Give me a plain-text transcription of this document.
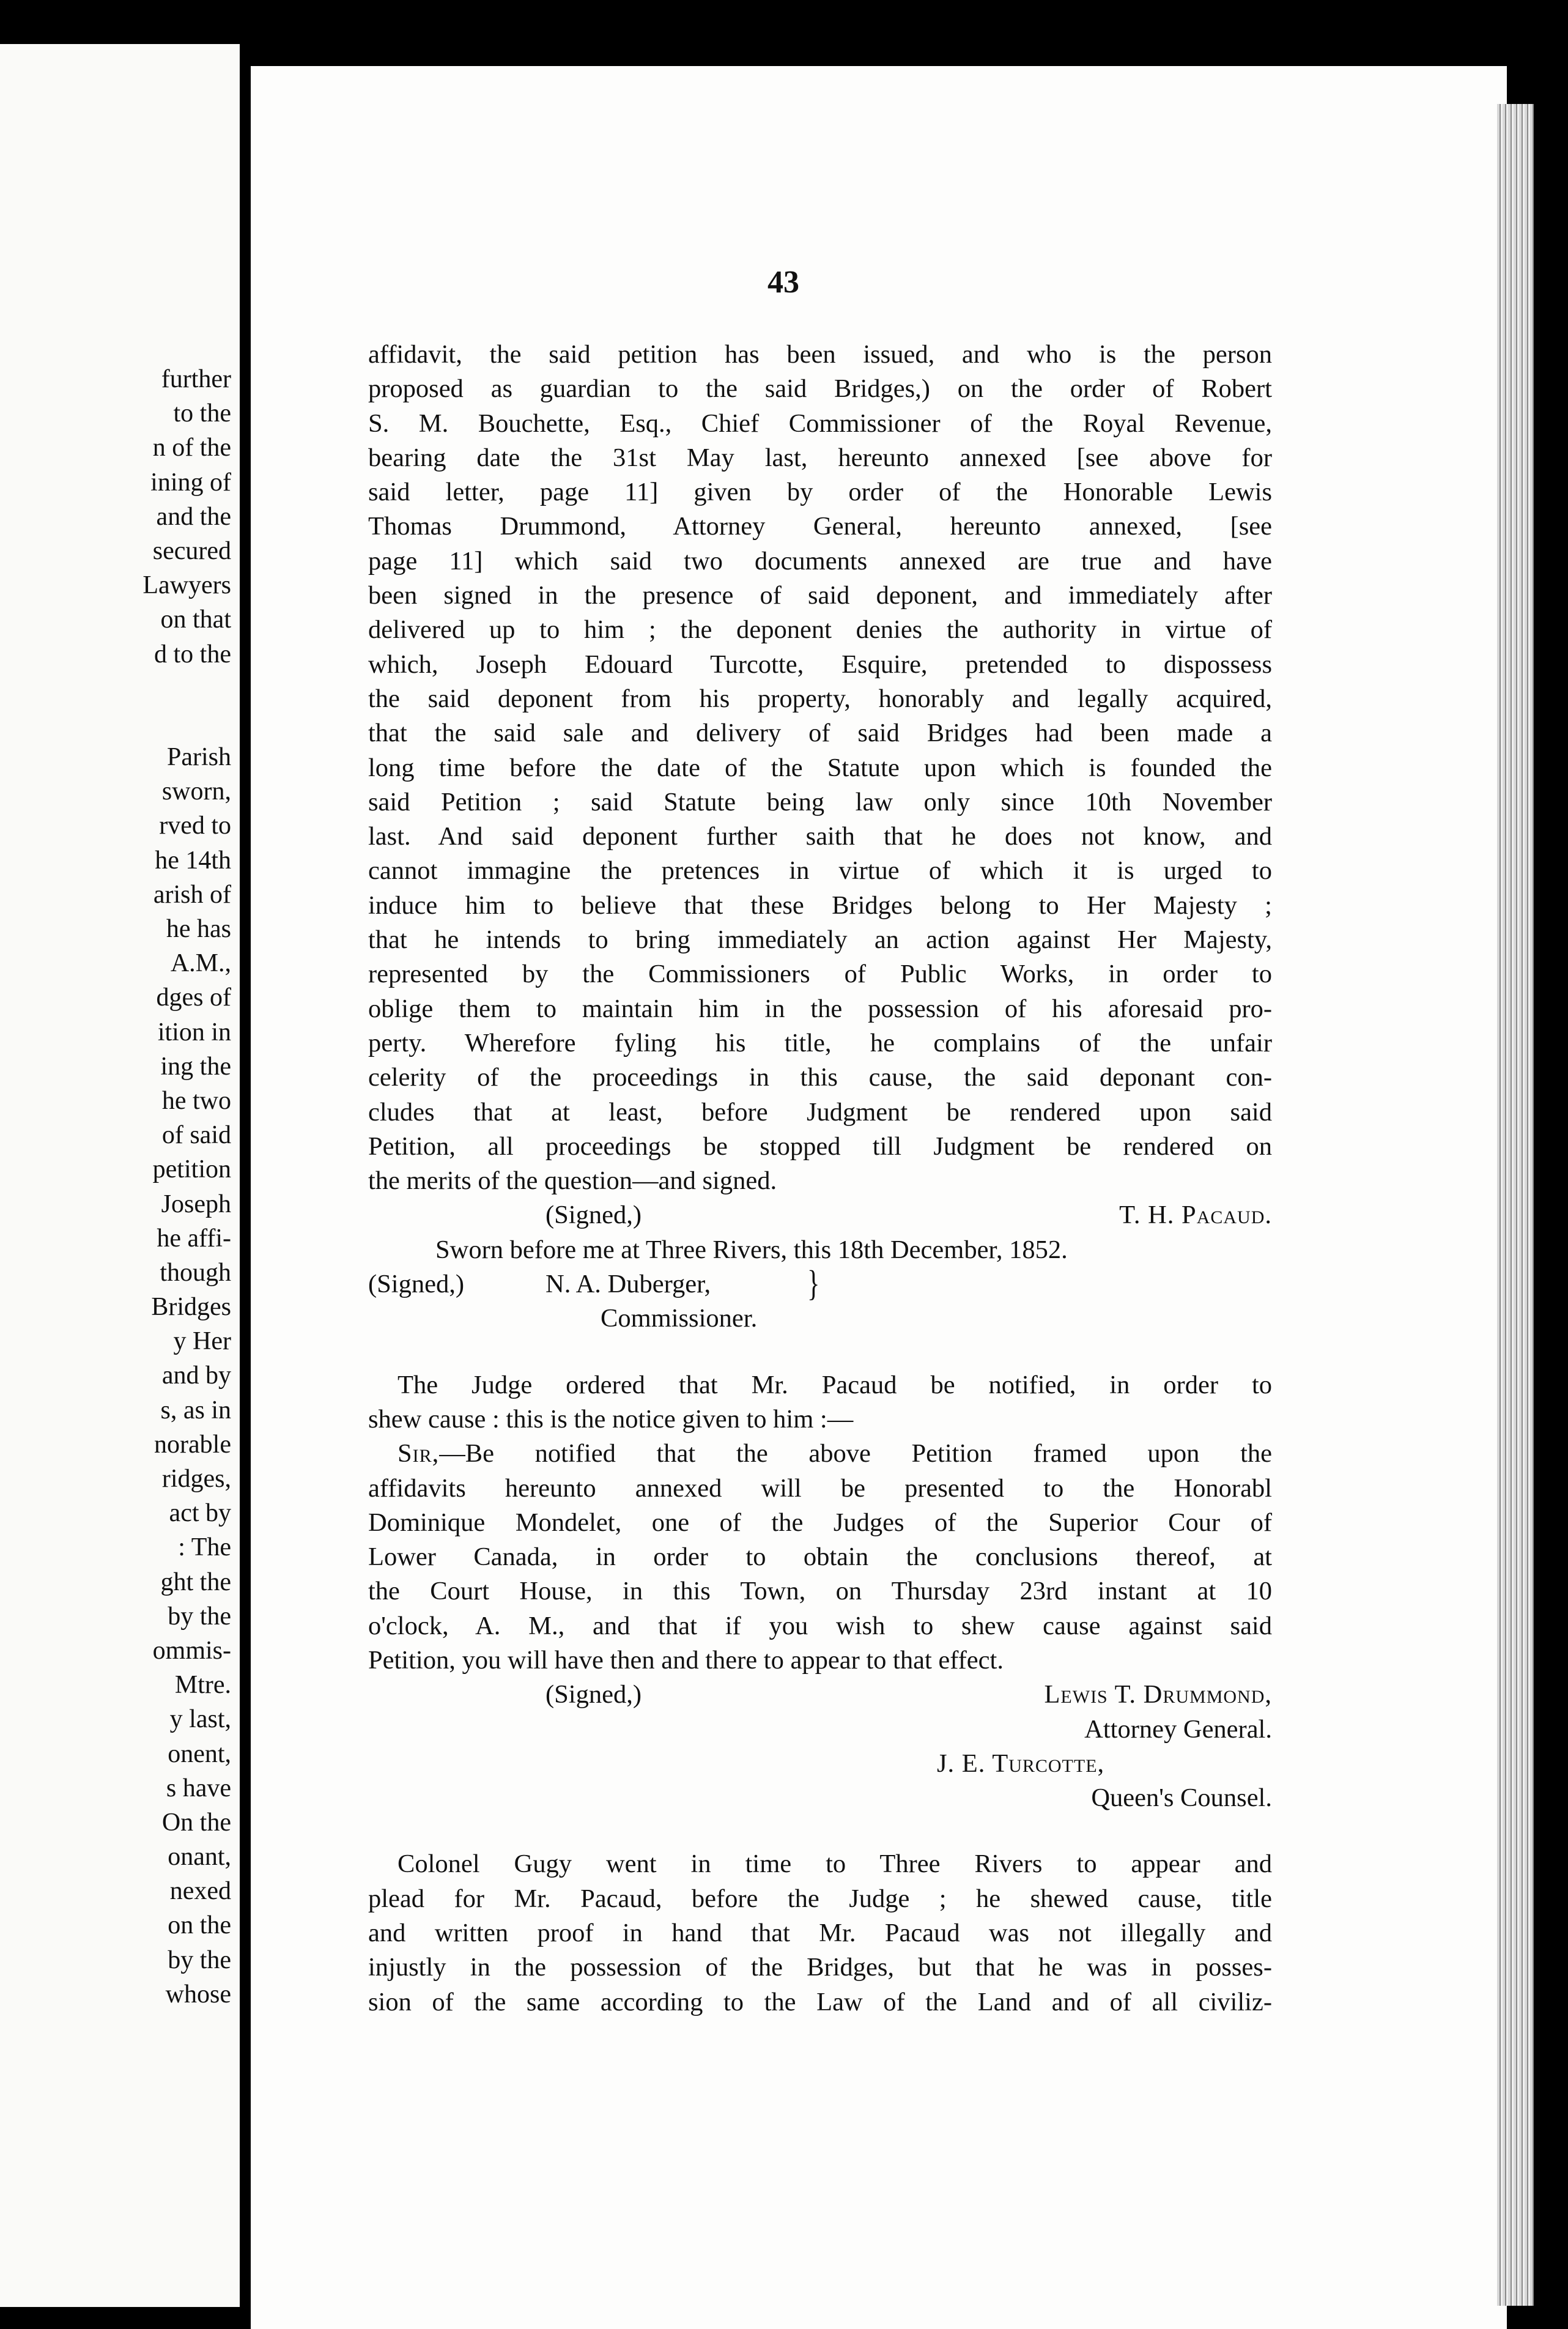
further
to the
n of the
ining of
and the
secured
Lawyers
on that
d to the
Parish
sworn,
rved to
he 14th
arish of
he has
A.M.,
dges of
ition in
ing the
he two
of said
petition
Joseph
he affi-
though
Bridges
y Her
and by
s, as in
norable
ridges,
act by
: The
ght the
by the
ommis-
Mtre.
y last,
onent,
s have
On the
onant,
nexed
on the
by the
whose
43
affidavit, the said petition has been issued, and who is the person
proposed as guardian to the said Bridges,) on the order of Robert
S. M. Bouchette, Esq., Chief Commissioner of the Royal Revenue,
bearing date the 31st May last, hereunto annexed [see above for
said letter, page 11] given by order of the Honorable Lewis
Thomas Drummond, Attorney General, hereunto annexed, [see
page 11] which said two documents annexed are true and have
been signed in the presence of said deponent, and immediately after
delivered up to him ; the deponent denies the authority in virtue of
which, Joseph Edouard Turcotte, Esquire, pretended to dispossess
the said deponent from his property, honorably and legally acquired,
that the said sale and delivery of said Bridges had been made a
long time before the date of the Statute upon which is founded the
said Petition ; said Statute being law only since 10th November
last. And said deponent further saith that he does not know, and
cannot immagine the pretences in virtue of which it is urged to
induce him to believe that these Bridges belong to Her Majesty ;
that he intends to bring immediately an action against Her Majesty,
represented by the Commissioners of Public Works, in order to
oblige them to maintain him in the possession of his aforesaid pro-
perty. Wherefore fyling his title, he complains of the unfair
celerity of the proceedings in this cause, the said deponant con-
cludes that at least, before Judgment be rendered upon said
Petition, all proceedings be stopped till Judgment be rendered on
the merits of the question—and signed.
(Signed,)	T. H. Pacaud.
Sworn before me at Three Rivers, this 18th December, 1852.
(Signed,)	N. A. Duberger,	}
Commissioner.
The Judge ordered that Mr. Pacaud be notified, in order to
shew cause : this is the notice given to him :—
Sir,—Be notified that the above Petition framed upon the
affidavits hereunto annexed will be presented to the Honorabl
Dominique Mondelet, one of the Judges of the Superior Cour of
Lower Canada, in order to obtain the conclusions thereof, at
the Court House, in this Town, on Thursday 23rd instant at 10
o'clock, A. M., and that if you wish to shew cause against said
Petition, you will have then and there to appear to that effect.
(Signed,)	Lewis T. Drummond,
Attorney General.
J. E. Turcotte,
Queen's Counsel.
Colonel Gugy went in time to Three Rivers to appear and
plead for Mr. Pacaud, before the Judge ; he shewed cause, title
and written proof in hand that Mr. Pacaud was not illegally and
injustly in the possession of the Bridges, but that he was in posses-
sion of the same according to the Law of the Land and of all civiliz-
